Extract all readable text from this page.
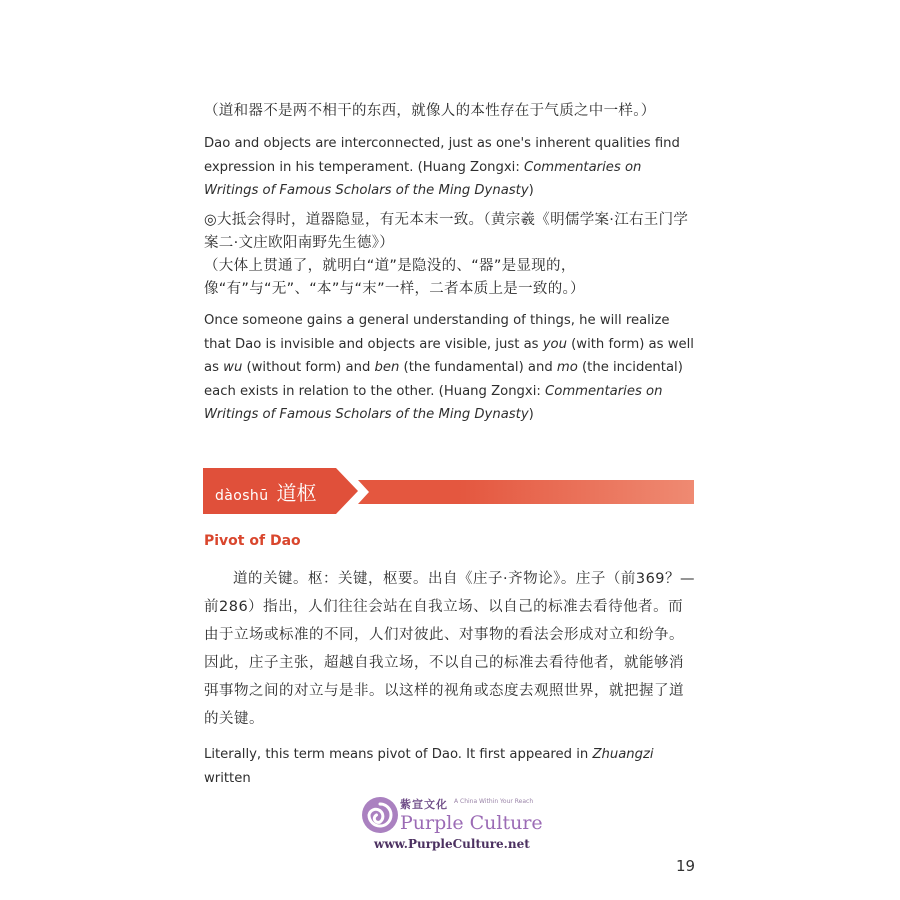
（道和器不是两不相干的东西，就像人的本性存在于气质之中一样。）

Dao and objects are interconnected, just as one's inherent qualities find expression in his temperament. (Huang Zongxi: Commentaries on Writings of Famous Scholars of the Ming Dynasty)

◎大抵会得时，道器隐显，有无本末一致。（黄宗羲《明儒学案·江右王门学案二·文庄欧阳南野先生德》）

（大体上贯通了，就明白“道”是隐没的、“器”是显现的，像“有”与“无”、“本”与“末”一样，二者本质上是一致的。）

Once someone gains a general understanding of things, he will realize that Dao is invisible and objects are visible, just as you (with form) as well as wu (without form) and ben (the fundamental) and mo (the incidental) each exists in relation to the other. (Huang Zongxi: Commentaries on Writings of Famous Scholars of the Ming Dynasty)

dàoshū 道枢

Pivot of Dao

道的关键。枢：关键，枢要。出自《庄子·齐物论》。庄子（前369？—前286）指出，人们往往会站在自我立场、以自己的标准去看待他者。而由于立场或标准的不同，人们对彼此、对事物的看法会形成对立和纷争。因此，庄子主张，超越自我立场，不以自己的标准去看待他者，就能够消弭事物之间的对立与是非。以这样的视角或态度去观照世界，就把握了道的关键。

Literally, this term means pivot of Dao. It first appeared in Zhuangzi written

紫宣文化 A China Within Your Reach
Purple Culture
www.PurpleCulture.net
19
